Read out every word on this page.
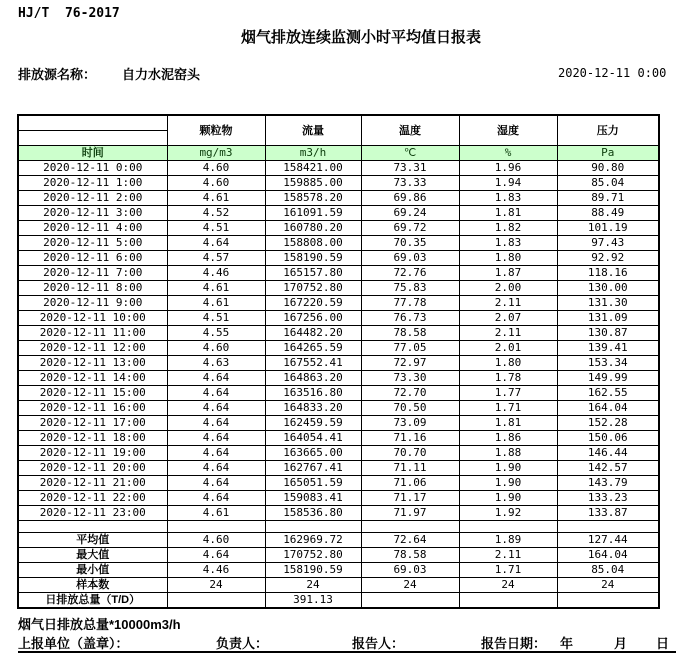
HJ/T  76-2017
烟气排放连续监测小时平均值日报表
排放源名称： 自力水泥窑头	2020-12-11 0:00
	颗粒物	流量	温度	湿度	压力

时间	mg/m3	m3/h	℃	%	Pa
2020-12-11 0:00	4.60	158421.00	73.31	1.96	90.80
2020-12-11 1:00	4.60	159885.00	73.33	1.94	85.04
2020-12-11 2:00	4.61	158578.20	69.86	1.83	89.71
2020-12-11 3:00	4.52	161091.59	69.24	1.81	88.49
2020-12-11 4:00	4.51	160780.20	69.72	1.82	101.19
2020-12-11 5:00	4.64	158808.00	70.35	1.83	97.43
2020-12-11 6:00	4.57	158190.59	69.03	1.80	92.92
2020-12-11 7:00	4.46	165157.80	72.76	1.87	118.16
2020-12-11 8:00	4.61	170752.80	75.83	2.00	130.00
2020-12-11 9:00	4.61	167220.59	77.78	2.11	131.30
2020-12-11 10:00	4.51	167256.00	76.73	2.07	131.09
2020-12-11 11:00	4.55	164482.20	78.58	2.11	130.87
2020-12-11 12:00	4.60	164265.59	77.05	2.01	139.41
2020-12-11 13:00	4.63	167552.41	72.97	1.80	153.34
2020-12-11 14:00	4.64	164863.20	73.30	1.78	149.99
2020-12-11 15:00	4.64	163516.80	72.70	1.77	162.55
2020-12-11 16:00	4.64	164833.20	70.50	1.71	164.04
2020-12-11 17:00	4.64	162459.59	73.09	1.81	152.28
2020-12-11 18:00	4.64	164054.41	71.16	1.86	150.06
2020-12-11 19:00	4.64	163665.00	70.70	1.88	146.44
2020-12-11 20:00	4.64	162767.41	71.11	1.90	142.57
2020-12-11 21:00	4.64	165051.59	71.06	1.90	143.79
2020-12-11 22:00	4.64	159083.41	71.17	1.90	133.23
2020-12-11 23:00	4.61	158536.80	71.97	1.92	133.87

平均值	4.60	162969.72	72.64	1.89	127.44
最大值	4.64	170752.80	78.58	2.11	164.04
最小值	4.46	158190.59	69.03	1.71	85.04
样本数	24	24	24	24	24
日排放总量（T/D）		391.13			
烟气日排放总量*10000m3/h
上报单位（盖章）：	负责人：	报告人：	报告日期： 年	月 日
